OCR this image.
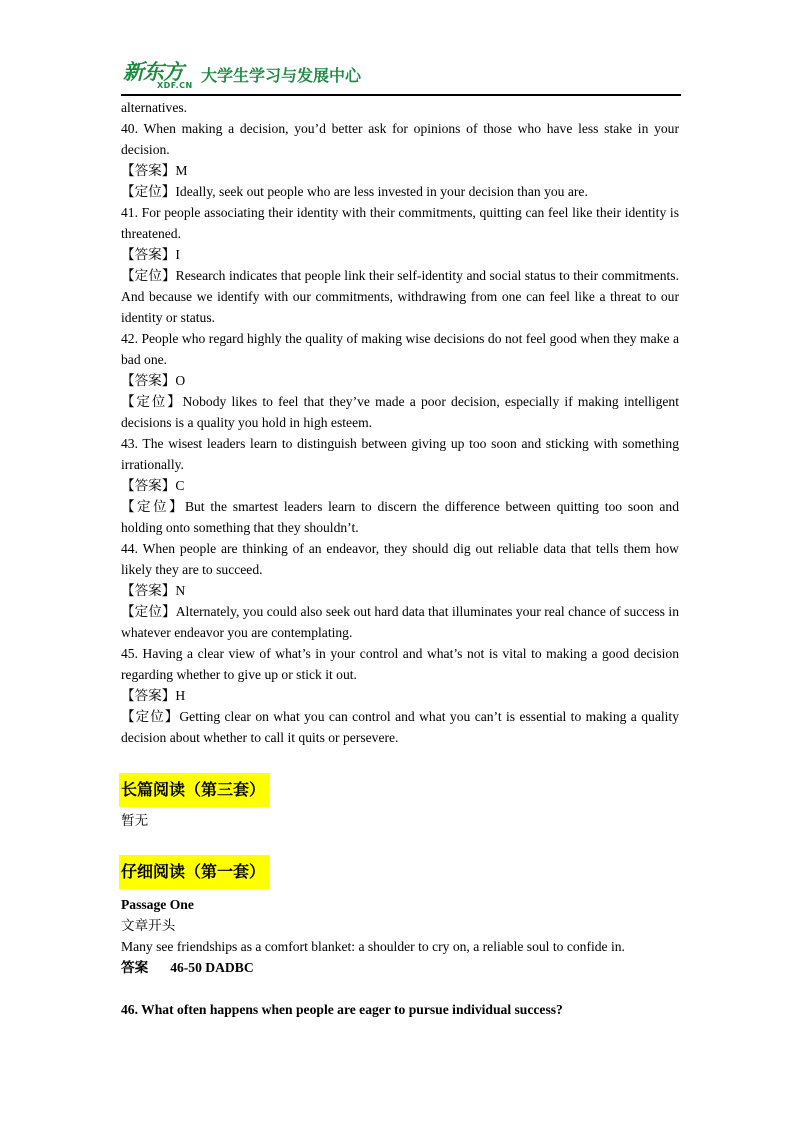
新东方
XDF.CN
大学生学习与发展中心

alternatives.

40. When making a decision, you’d better ask for opinions of those who have less stake in your decision.

【答案】M

【定位】Ideally, seek out people who are less invested in your decision than you are.

41. For people associating their identity with their commitments, quitting can feel like their identity is threatened.

【答案】I

【定位】Research indicates that people link their self-identity and social status to their commitments. And because we identify with our commitments, withdrawing from one can feel like a threat to our identity or status.

42. People who regard highly the quality of making wise decisions do not feel good when they make a bad one.

【答案】O

【定位】Nobody likes to feel that they’ve made a poor decision, especially if making intelligent decisions is a quality you hold in high esteem.

43. The wisest leaders learn to distinguish between giving up too soon and sticking with something irrationally.

【答案】C

【定位】But the smartest leaders learn to discern the difference between quitting too soon and holding onto something that they shouldn’t.

44. When people are thinking of an endeavor, they should dig out reliable data that tells them how likely they are to succeed.

【答案】N

【定位】Alternately, you could also seek out hard data that illuminates your real chance of success in whatever endeavor you are contemplating.

45. Having a clear view of what’s in your control and what’s not is vital to making a good decision regarding whether to give up or stick it out.

【答案】H

【定位】Getting clear on what you can control and what you can’t is essential to making a quality decision about whether to call it quits or persevere.

长篇阅读（第三套）
暂无
仔细阅读（第一套）
Passage One
文章开头
Many see friendships as a comfort blanket: a shoulder to cry on, a reliable soul to confide in.
答案 46-50 DADBC
46. What often happens when people are eager to pursue individual success?
